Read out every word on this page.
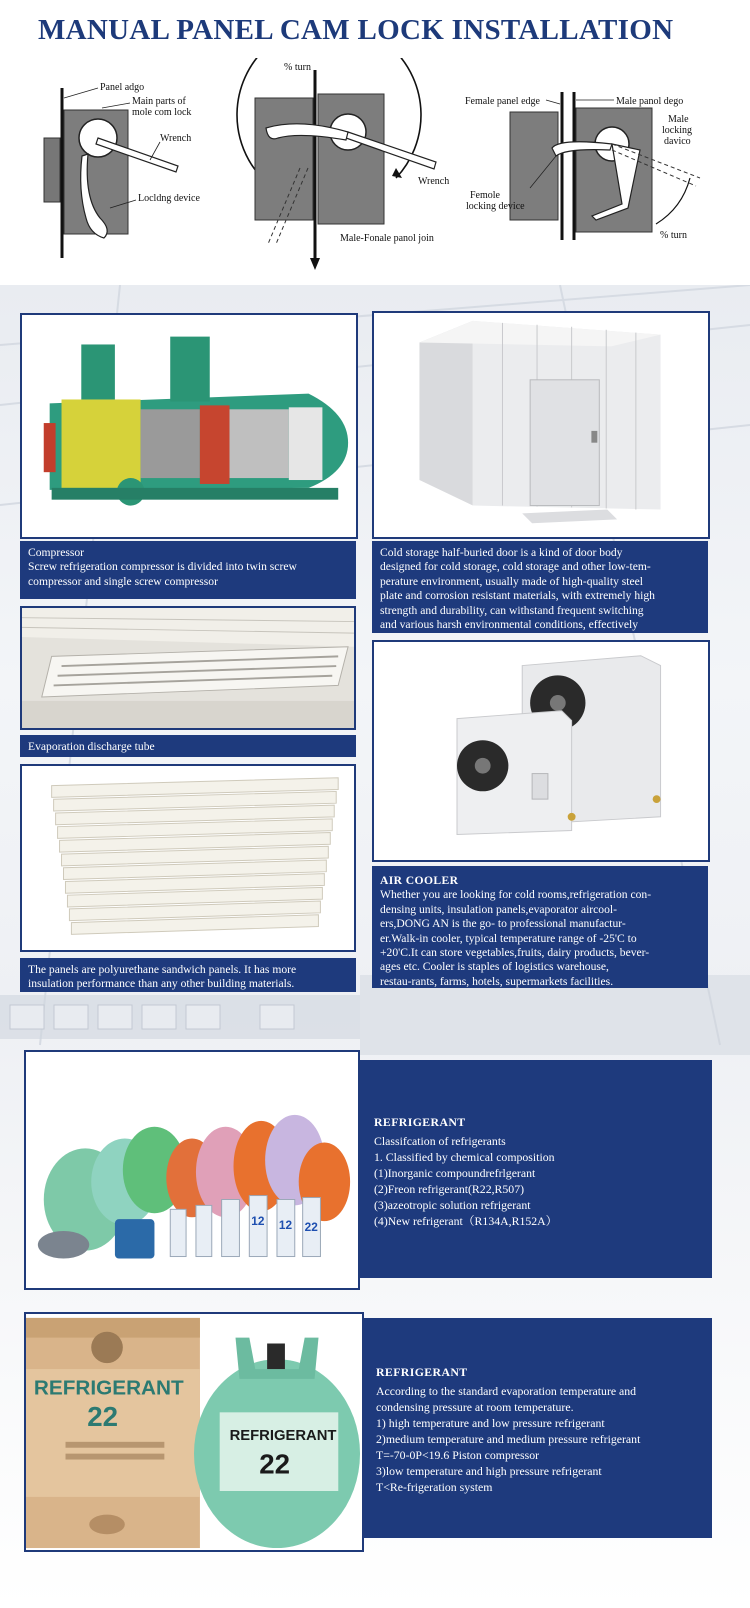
MANUAL PANEL CAM LOCK INSTALLATION
Panel adgo
Main parts of
mole com lock
Wrench
Locldng device
% turn
Wrench
Male-Fonale panol join
Female panel edge	Male panol dego
Male
locking
davico
Femole
locking device
% turn
Compressor
Screw refrigeration compressor is divided into twin screw
compressor and single screw compressor
Cold storage half-buried door is a kind of door body
designed for cold storage, cold storage and other low-tem-
perature environment, usually made of high-quality steel
plate and corrosion resistant materials, with extremely high
strength and durability, can withstand frequent switching
and various harsh environmental conditions, effectively
Evaporation discharge tube
AIR COOLER
Whether you are looking for cold rooms,refrigeration con-
densing units, insulation panels,evaporator aircool-
ers,DONG AN is the go- to professional manufactur-
er.Walk-in cooler, typical temperature range of -25'C to
+20'C.It can store vegetables,fruits, dairy products, bever-
ages etc. Cooler is staples of logistics warehouse,
restau-rants, farms, hotels, supermarkets facilities.
The panels are polyurethane sandwich panels. It has more
insulation performance than any other building materials.
REFRIGERANT
Classifcation of refrigerants
1. Classified by chemical composition
(1)Inorganic compoundrefrlgerant
(2)Freon refrigerant(R22,R507)
(3)azeotropic solution refrigerant
(4)New refrigerant（R134A,R152A）
12	22
12
REFRIGERANT
According to the standard evaporation temperature and
condensing pressure at room temperature.
1) high temperature and low pressure refrigerant
2)medium temperature and medium pressure refrigerant
T=-70-0P<19.6 Piston compressor
3)low temperature and high pressure refrigerant
T<Re-frigeration system
REFRIGERANT
22
REFRIGERANT
22
